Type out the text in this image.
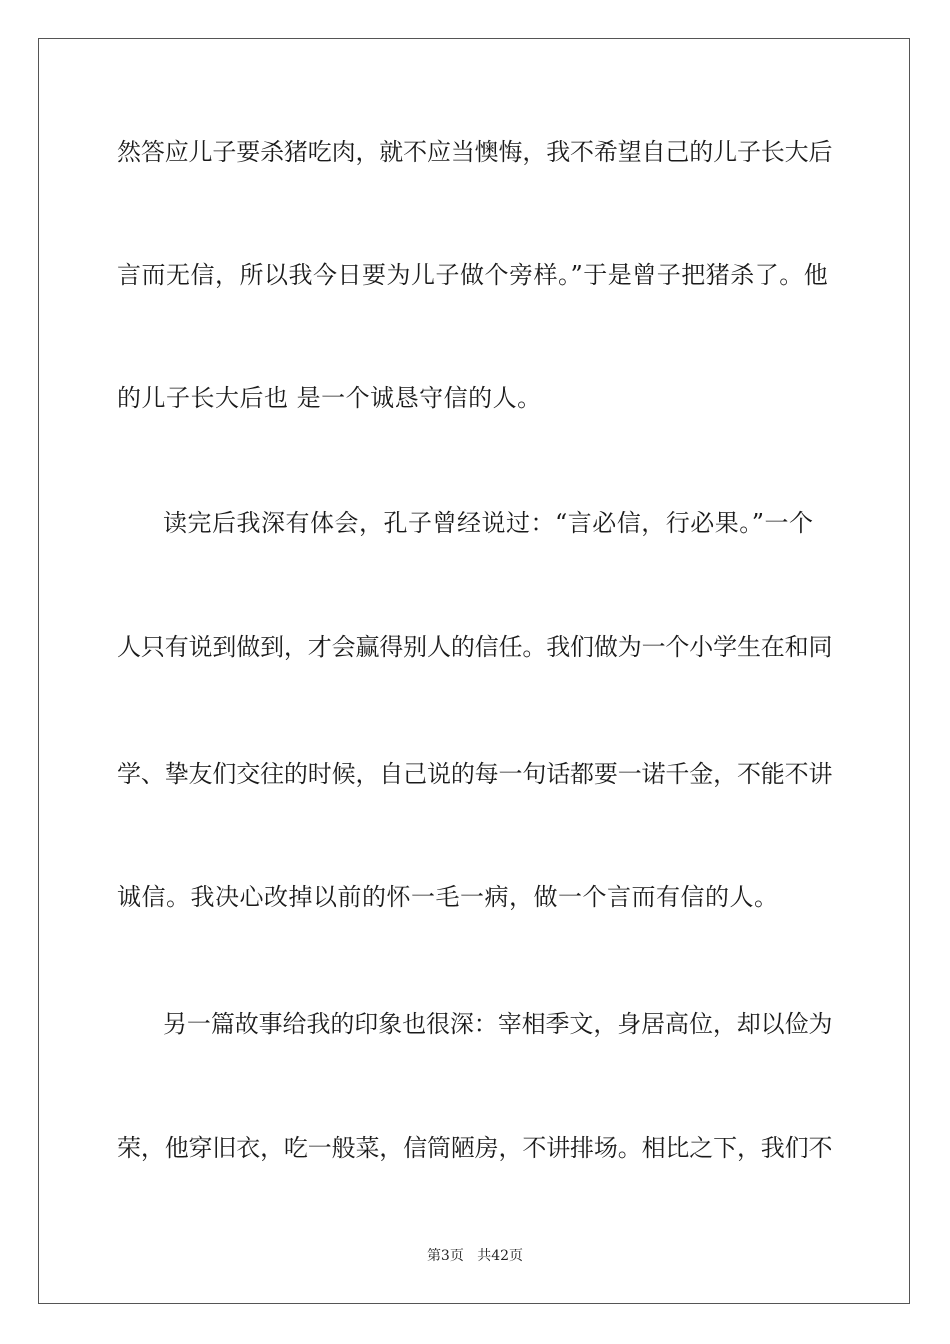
然答应儿子要杀猪吃肉，就不应当懊悔，我不希望自己的儿子长大后
言而无信，所以我今日要为儿子做个旁样。”于是曾子把猪杀了。他
的儿子长大后也 是一个诚恳守信的人。
读完后我深有体会，孔子曾经说过：“言必信，行必果。”一个
人只有说到做到，才会赢得别人的信任。我们做为一个小学生在和同
学、挚友们交往的时候，自己说的每一句话都要一诺千金，不能不讲
诚信。我决心改掉以前的怀一毛一病，做一个言而有信的人。
另一篇故事给我的印象也很深：宰相季文，身居高位，却以俭为
荣，他穿旧衣，吃一般菜，信筒陋房，不讲排场。相比之下，我们不
第3页 共42页
